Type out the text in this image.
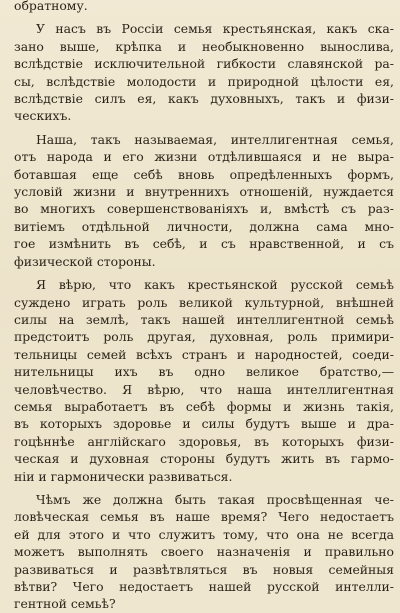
обратному.
У насъ въ Россіи семья крестьянская, какъ ска-
зано выше, крѣпка и необыкновенно вынослива,
вслѣдствіе исключительной гибкости славянской ра-
сы, вслѣдствіе молодости и природной цѣлости ея,
вслѣдствіе силъ ея, какъ духовныхъ, такъ и физи-
ческихъ.
Наша, такъ называемая, интеллигентная семья,
отъ народа и его жизни отдѣлившаяся и не выра-
ботавшая еще себѣ вновь опредѣленныхъ формъ,
условій жизни и внутреннихъ отношеній, нуждается
во многихъ совершенствованіяхъ и, вмѣстѣ съ раз-
витіемъ отдѣльной личности, должна сама мно-
гое измѣнить въ себѣ, и съ нравственной, и съ
физической стороны.
Я вѣрю, что какъ крестьянской русской семьѣ
суждено играть роль великой культурной, внѣшней
силы на землѣ, такъ нашей интеллигентной семьѣ
предстоитъ роль другая, духовная, роль примири-
тельницы семей всѣхъ странъ и народностей, соеди-
нительницы ихъ въ одно великое братство,—
человѣчество. Я вѣрю, что наша интеллигентная
семья выработаетъ въ себѣ формы и жизнь такія,
въ которыхъ здоровье и силы будутъ выше и дра-
гоцѣннѣе англійскаго здоровья, въ которыхъ физи-
ческая и духовная стороны будутъ жить въ гармо-
ніи и гармонически развиваться.
Чѣмъ же должна быть такая просвѣщенная че-
ловѣческая семья въ наше время? Чего недостаетъ
ей для этого и что служитъ тому, что она не всегда
можетъ выполнять своего назначенія и правильно
развиваться и развѣтвляться въ новыя семейныя
вѣтви? Чего недостаетъ нашей русской интелли-
гентной семьѣ?
